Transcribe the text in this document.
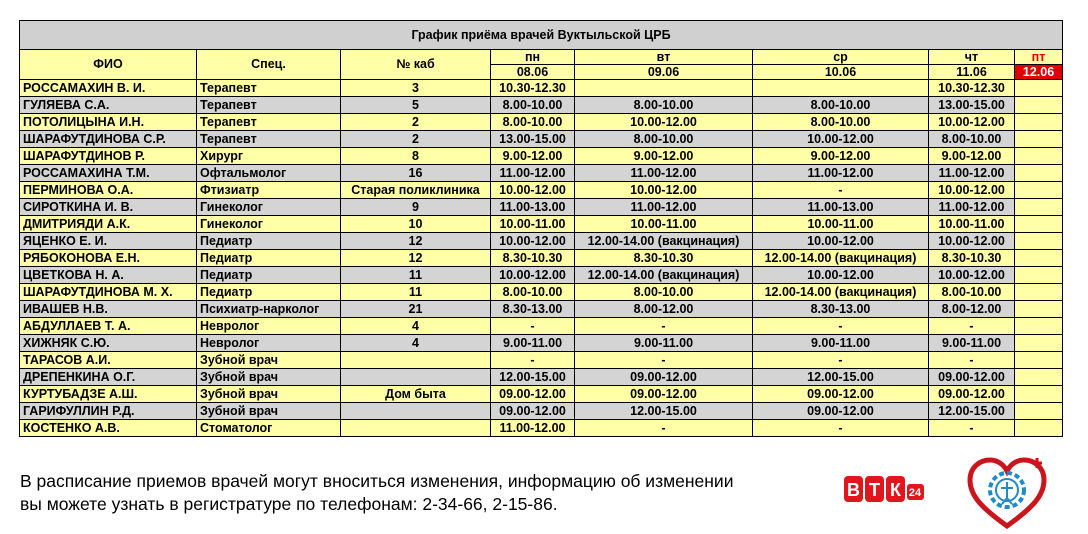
График приёма врачей Вуктыльской ЦРБ							
ФИО	Спец.	№ каб	пн	вт	ср	чт	пт
			08.06	09.06	10.06	11.06	12.06
РОССАМАХИН В. И.	Терапевт	3	10.30-12.30			10.30-12.30	
ГУЛЯЕВА С.А.	Терапевт	5	8.00-10.00	8.00-10.00	8.00-10.00	13.00-15.00	
ПОТОЛИЦЫНА И.Н.	Терапевт	2	8.00-10.00	10.00-12.00	8.00-10.00	10.00-12.00	
ШАРАФУТДИНОВА С.Р.	Терапевт	2	13.00-15.00	8.00-10.00	10.00-12.00	8.00-10.00	
ШАРАФУТДИНОВ Р.	Хирург	8	9.00-12.00	9.00-12.00	9.00-12.00	9.00-12.00	
РОССАМАХИНА Т.М.	Офтальмолог	16	11.00-12.00	11.00-12.00	11.00-12.00	11.00-12.00	
ПЕРМИНОВА О.А.	Фтизиатр	Старая поликлиника	10.00-12.00	10.00-12.00	-	10.00-12.00	
СИРОТКИНА И. В.	Гинеколог	9	11.00-13.00	11.00-12.00	11.00-13.00	11.00-12.00	
ДМИТРИЯДИ А.К.	Гинеколог	10	10.00-11.00	10.00-11.00	10.00-11.00	10.00-11.00	
ЯЦЕНКО Е. И.	Педиатр	12	10.00-12.00	12.00-14.00 (вакцинация)	10.00-12.00	10.00-12.00	
РЯБОКОНОВА Е.Н.	Педиатр	12	8.30-10.30	8.30-10.30	12.00-14.00 (вакцинация)	8.30-10.30	
ЦВЕТКОВА Н. А.	Педиатр	11	10.00-12.00	12.00-14.00 (вакцинация)	10.00-12.00	10.00-12.00	
ШАРАФУТДИНОВА М. Х.	Педиатр	11	8.00-10.00	8.00-10.00	12.00-14.00 (вакцинация)	8.00-10.00	
ИВАШЕВ Н.В.	Психиатр-нарколог	21	8.30-13.00	8.00-12.00	8.30-13.00	8.00-12.00	
АБДУЛЛАЕВ Т. А.	Невролог	4	-	-	-	-	
ХИЖНЯК С.Ю.	Невролог	4	9.00-11.00	9.00-11.00	9.00-11.00	9.00-11.00	
ТАРАСОВ А.И.	Зубной врач		-	-	-	-	
ДРЕПЕНКИНА О.Г.	Зубной врач		12.00-15.00	09.00-12.00	12.00-15.00	09.00-12.00	
КУРТУБАДЗЕ А.Ш.	Зубной врач	Дом быта	09.00-12.00	09.00-12.00	09.00-12.00	09.00-12.00	
ГАРИФУЛЛИН Р.Д.	Зубной врач		09.00-12.00	12.00-15.00	09.00-12.00	12.00-15.00	
КОСТЕНКО А.В.	Стоматолог		11.00-12.00	-	-	-	
В расписание приемов врачей могут вноситься изменения, информацию об изменении
вы можете узнать в регистратуре по телефонам: 2-34-66, 2-15-86.
В Т К 24
